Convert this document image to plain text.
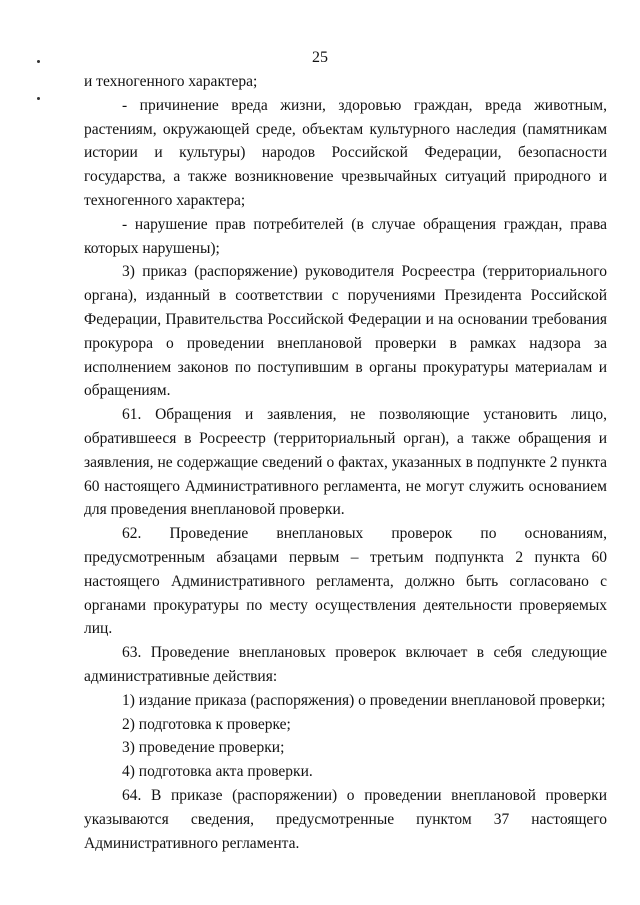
25

и техногенного характера;

- причинение вреда жизни, здоровью граждан, вреда животным, растениям, окружающей среде, объектам культурного наследия (памятникам истории и культуры) народов Российской Федерации, безопасности государства, а также возникновение чрезвычайных ситуаций природного и техногенного характера;

- нарушение прав потребителей (в случае обращения граждан, права которых нарушены);

3) приказ (распоряжение) руководителя Росреестра (территориального органа), изданный в соответствии с поручениями Президента Российской Федерации, Правительства Российской Федерации и на основании требования прокурора о проведении внеплановой проверки в рамках надзора за исполнением законов по поступившим в органы прокуратуры материалам и обращениям.

61. Обращения и заявления, не позволяющие установить лицо, обратившееся в Росреестр (территориальный орган), а также обращения и заявления, не содержащие сведений о фактах, указанных в подпункте 2 пункта 60 настоящего Административного регламента, не могут служить основанием для проведения внеплановой проверки.

62. Проведение внеплановых проверок по основаниям, предусмотренным абзацами первым – третьим подпункта 2 пункта 60 настоящего Административного регламента, должно быть согласовано с органами прокуратуры по месту осуществления деятельности проверяемых лиц.

63. Проведение внеплановых проверок включает в себя следующие административные действия:

1) издание приказа (распоряжения) о проведении внеплановой проверки;

2) подготовка к проверке;

3) проведение проверки;

4) подготовка акта проверки.

64. В приказе (распоряжении) о проведении внеплановой проверки указываются сведения, предусмотренные пунктом 37 настоящего Административного регламента.
